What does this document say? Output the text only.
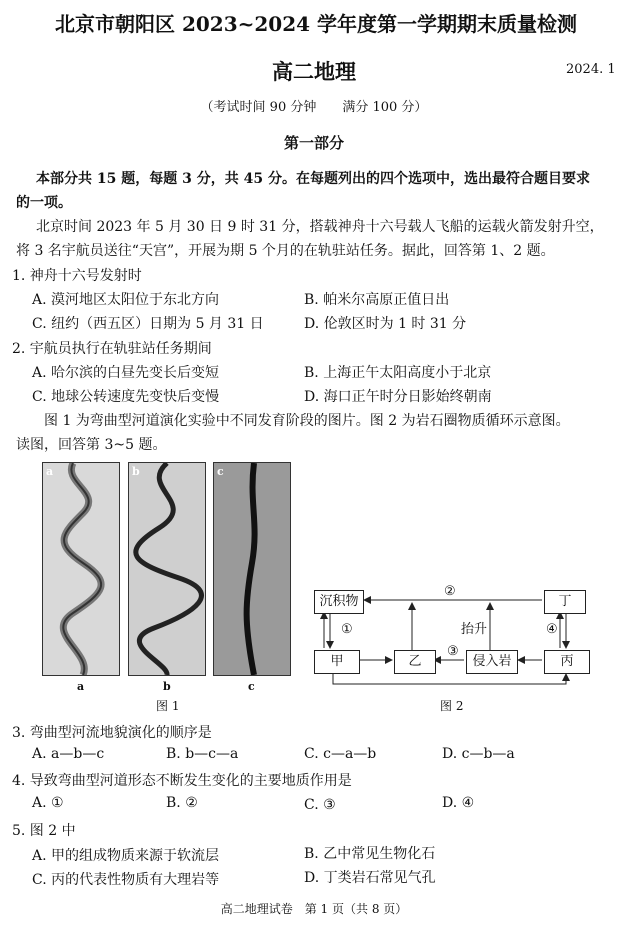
北京市朝阳区 2023~2024 学年度第一学期期末质量检测
高二地理	2024. 1
（考试时间 90 分钟　　满分 100 分）
第一部分
本部分共 15 题，每题 3 分，共 45 分。在每题列出的四个选项中，选出最符合题目要求
的一项。
北京时间 2023 年 5 月 30 日 9 时 31 分，搭载神舟十六号载人飞船的运载火箭发射升空，
将 3 名宇航员送往“天宫”，开展为期 5 个月的在轨驻站任务。据此，回答第 1、2 题。
1. 神舟十六号发射时
A. 漠河地区太阳位于东北方向	B. 帕米尔高原正值日出
C. 纽约（西五区）日期为 5 月 31 日	D. 伦敦区时为 1 时 31 分
2. 宇航员执行在轨驻站任务期间
A. 哈尔滨的白昼先变长后变短	B. 上海正午太阳高度小于北京
C. 地球公转速度先变快后变慢	D. 海口正午时分日影始终朝南
图 1 为弯曲型河道演化实验中不同发育阶段的图片。图 2 为岩石圈物质循环示意图。
读图，回答第 3~5 题。
a	b	c
a	b	c
图 1
沉积物	丁
甲	乙	侵入岩	丙
②
①	④
③
抬升
图 2
3. 弯曲型河流地貌演化的顺序是
A. a—b—c	B. b—c—a	C. c—a—b	D. c—b—a
4. 导致弯曲型河道形态不断发生变化的主要地质作用是
A. ①	B. ②	C. ③	D. ④
5. 图 2 中
A. 甲的组成物质来源于软流层	B. 乙中常见生物化石
C. 丙的代表性物质有大理岩等	D. 丁类岩石常见气孔
高二地理试卷　第 1 页（共 8 页）
